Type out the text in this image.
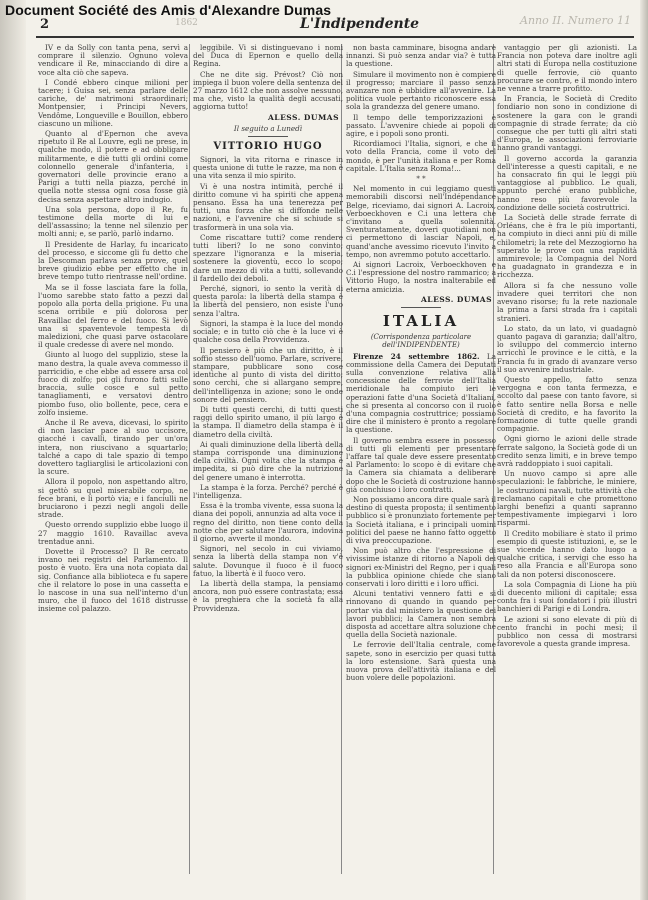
Document Société des Amis d'Alexandre Dumas
2	1862	L'Indipendente	Anno II. Numero 11

IV e da Solly con tanta pena, servì a comprare il silenzio. Ognuno voleva vendicare il Re, minacciando di dire a voce alta ciò che sapeva.

I Condé ebbero cinque milioni per tacere; i Guisa sei, senza parlare delle cariche, de' matrimoni straordinari; Montpensier, i Principi Nevers, Vendôme, Longueville e Bouillon, ebbero ciascuno un milione.

Quanto al d'Epernon che aveva ripetuto il Re al Louvre, egli ne prese, in qualche modo, il potere e ad obbligare militarmente, e diè tutti gli ordini come colonnello generale d'infanteria, i governatori delle provincie erano a Parigi a tutti nella piazza, perché in quella notte stessa ogni cosa fosse già decisa senza aspettare altro indugio.

Una sola persona, dopo il Re, fu testimone della morte di lui e dell'assassino; la tenne nel silenzio per molti anni; e, se parlò, parlò indarno.

Il Presidente de Harlay, fu incaricato del processo, e siccome gli fu detto che la Descoman parlava senza prove, quel breve giudizio ebbe per effetto che in breve tempo tutto rientrasse nell'ordine.

Ma se il fosse lasciata fare la folla, l'uomo sarebbe stato fatto a pezzi dal popolo alla porta della prigione. Fu una scena orribile e più dolorosa per Ravaillac del ferro e del fuoco. Si levò una sì spaventevole tempesta di maledizioni, che quasi parve ostacolare il quale credesse di avere nel mondo.

Giunto al luogo del supplizio, stese la mano destra, la quale aveva commesso il parricidio, e che ebbe ad essere arsa col fuoco di zolfo; poi gli furono fatti sulle braccia, sulle cosce e sul petto tanagliamenti, e versatovi dentro piombo fuso, olio bollente, pece, cera e zolfo insieme.

Anche il Re aveva, dicevasi, lo spirito di non lasciar pace al suo uccisore, giacché i cavalli, tirando per un'ora intera, non riuscivano a squartarlo; talché a capo di tale spazio di tempo dovettero tagliarglisi le articolazioni con la scure.

Allora il popolo, non aspettando altro, si gettò su quel miserabile corpo, ne fece brani, e li portò via; e i fanciulli ne bruciarono i pezzi negli angoli delle strade.

Questo orrendo supplizio ebbe luogo il 27 maggio 1610. Ravaillac aveva trentadue anni.

Dovette il Processo? Il Re cercato invano nei registri del Parlamento. Il posto è vuoto. Era una nota copiata dal sig. Confiance alla biblioteca e fu sapere che il relatore lo pose in una cassetta e lo nascose in una sua nell'interno d'un muro, che il fuoco del 1618 distrusse insieme col palazzo.

leggibile. Vi si distinguevano i nomi del Duca di Epernon e quello della Regina.

Che ne dite sig. Prévost? Ciò non impiega il buon volere della sentenza del 27 marzo 1612 che non assolve nessuno, ma che, visto la qualità degli accusati, aggiorna tutto!

ALESS. DUMAS
Il seguito a Lunedì
VITTORIO HUGO

Signori, la vita ritorna e rinasce in questa unione di tutte le razze, ma non è una vita senza il mio spirito.

Vi è una nostra intimità, perché il diritto comune vi ha spiriti che appena pensano. Essa ha una tenerezza per tutti, una forza che si diffonde nelle nazioni, e l'avvenire che si schiude si trasformerà in una sola via.

Come riscattare tutti? come rendere tutti liberi? Io ne sono convinto; spezzare l'ignoranza e la miseria, sostenere la gioventù, ecco lo scopo; dare un mezzo di vita a tutti, sollevando il fardello dei deboli.

Perché, signori, io sento la verità di questa parola: la libertà della stampa è la libertà del pensiero, non esiste l'uno senza l'altra.

Signori, la stampa è la luce del mondo sociale; e in tutto ciò che è la luce vi è qualche cosa della Provvidenza.

Il pensiero è più che un diritto, è il soffio stesso dell'uomo. Parlare, scrivere, stampare, pubblicare sono cose identiche al punto di vista del diritto; sono cerchi, che si allargano sempre, dell'intelligenza in azione; sono le onde sonore del pensiero.

Di tutti questi cerchi, di tutti questi raggi dello spirito umano, il più largo è la stampa. Il diametro della stampa è il diametro della civiltà.

Ai quali diminuzione della libertà della stampa corrisponde una diminuzione della civiltà. Ogni volta che la stampa è impedita, si può dire che la nutrizione del genere umano è interrotta.

La stampa è la forza. Perché? perché è l'intelligenza.

Essa è la tromba vivente, essa suona la diana dei popoli, annunzia ad alta voce il regno del diritto, non tiene conto della notte che per salutare l'aurora, indovina il giorno, avverte il mondo.

Signori, nel secolo in cui viviamo, senza la libertà della stampa non v'è salute. Dovunque il fuoco è il fuoco fatuo, la libertà è il fuoco vero.

La libertà della stampa, la pensiamo ancora, non può essere contrastata; essa è la preghiera che la società fa alla Provvidenza.

non basta camminare, bisogna andare innanzi. Si può senza andar via? è tutta la questione.

Simulare il movimento non è compiere il progresso; marciare il passo senza avanzare non è ubbidire all'avvenire. La politica vuole pertanto riconoscere essa sola la grandezza del genere umano.

Il tempo delle temporizzazioni è passato. L'avvenire chiede ai popoli di agire, e i popoli sono pronti.

Ricordiamoci l'Italia, signori, e che il voto della Francia, come il voto del mondo, è per l'unità italiana e per Roma capitale. L'Italia senza Roma!...

* *

Nel momento in cui leggiamo questi memorabili discorsi nell'Indépendance Belge, riceviamo, dai signori A. Lacroix, Verboeckhoven e C.i una lettera che c'invitano a quella solennità. Sventuratamente, doveri quotidiani non ci permettono di lasciar Napoli, e, quand'anche avessimo ricevuto l'invito a tempo, non avremmo potuto accettarlo.

Ai signori Lacroix, Verboeckhoven e C.i l'espressione del nostro rammarico; a Vittorio Hugo, la nostra inalterabile ed eterna amicizia.

ALESS. DUMAS
ITALIA
(Corrispondenza particolare dell'INDIPENDENTE)

Firenze 24 settembre 1862. La commissione della Camera dei Deputati sulla convenzione relativa alla concessione delle ferrovie dell'Italia meridionale ha compiuto ieri le operazioni fatte d'una Società d'Italiani, che si presenta al concorso con il ruolo d'una compagnia costruttrice; possiamo dire che il ministero è pronto a regolare la questione.

Il governo sembra essere in possesso di tutti gli elementi per presentare l'affare tal quale deve essere presentato al Parlamento: lo scopo è di evitare che la Camera sia chiamata a deliberare dopo che le Società di costruzione hanno già conchiuso i loro contratti.

Non possiamo ancora dire quale sarà il destino di questa proposta; il sentimento pubblico si è pronunziato fortemente per la Società italiana, e i principali uomini politici del paese ne hanno fatto oggetto di viva preoccupazione.

Non può altro che l'espressione di vivissime istanze di ritorno a Napoli dei signori ex-Ministri del Regno, per i quali la pubblica opinione chiede che siano conservati i loro diritti e i loro uffici.

Alcuni tentativi vennero fatti e si rinnovano di quando in quando per portar via dal ministero la questione dei lavori pubblici; la Camera non sembra disposta ad accettare altra soluzione che quella della Società nazionale.

Le ferrovie dell'Italia centrale, come sapete, sono in esercizio per quasi tutta la loro estensione. Sarà questa una nuova prova dell'attività italiana e del buon volere delle popolazioni.

vantaggio per gli azionisti. La Francia non poteva dare inoltre agli altri stati di Europa nella costituzione di quelle ferrovie, ciò quanto procurare se contro, e il mondo intero ne venne a trarre profitto.

In Francia, le Società di Credito fondiario non sono in condizione di sostenere la gara con le grandi compagnie di strade ferrate; da ciò consegue che per tutti gli altri stati d'Europa, le associazioni ferroviarie hanno grandi vantaggi.

Il governo accorda la garanzia dell'interesse a questi capitali, e ne ha consacrato fin qui le leggi più vantaggiose al pubblico. Le quali, appunto perché erano pubbliche, hanno reso più favorevole la condizione delle società costruttrici.

La Società delle strade ferrate di Orléans, che è fra le più importanti, ha compiuto in dieci anni più di mille chilometri; la rete del Mezzogiorno ha superato le prove con una rapidità ammirevole; la Compagnia del Nord ha guadagnato in grandezza e in ricchezza.

Allora si fa che nessuno volle invadere quei territori che non avevano risorse; fu la rete nazionale la prima a farsi strada fra i capitali stranieri.

Lo stato, da un lato, vi guadagnò quanto pagava di garanzia; dall'altro, lo sviluppo del commercio interno arricchì le province e le città, e la Francia fu in grado di avanzare verso il suo avvenire industriale.

Questo appello, fatto senza vergogna e con tanta fermezza, e accolto dal paese con tanto favore, si è fatto sentire nella Borsa e nelle Società di credito, e ha favorito la formazione di tutte quelle grandi compagnie.

Ogni giorno le azioni delle strade ferrate salgono, la Società gode di un credito senza limiti, e in breve tempo avrà raddoppiato i suoi capitali.

Un nuovo campo si apre alle speculazioni: le fabbriche, le miniere, le costruzioni navali, tutte attività che reclamano capitali e che promettono larghi benefizi a quanti sapranno tempestivamente impiegarvi i loro risparmi.

Il Credito mobiliare è stato il primo esempio di queste istituzioni, e, se le sue vicende hanno dato luogo a qualche critica, i servigi che esso ha reso alla Francia e all'Europa sono tali da non potersi disconoscere.

La sola Compagnia di Lione ha più di duecento milioni di capitale; essa conta fra i suoi fondatori i più illustri banchieri di Parigi e di Londra.

Le azioni si sono elevate di più di cento franchi in pochi mesi; il pubblico non cessa di mostrarsi favorevole a questa grande impresa.
